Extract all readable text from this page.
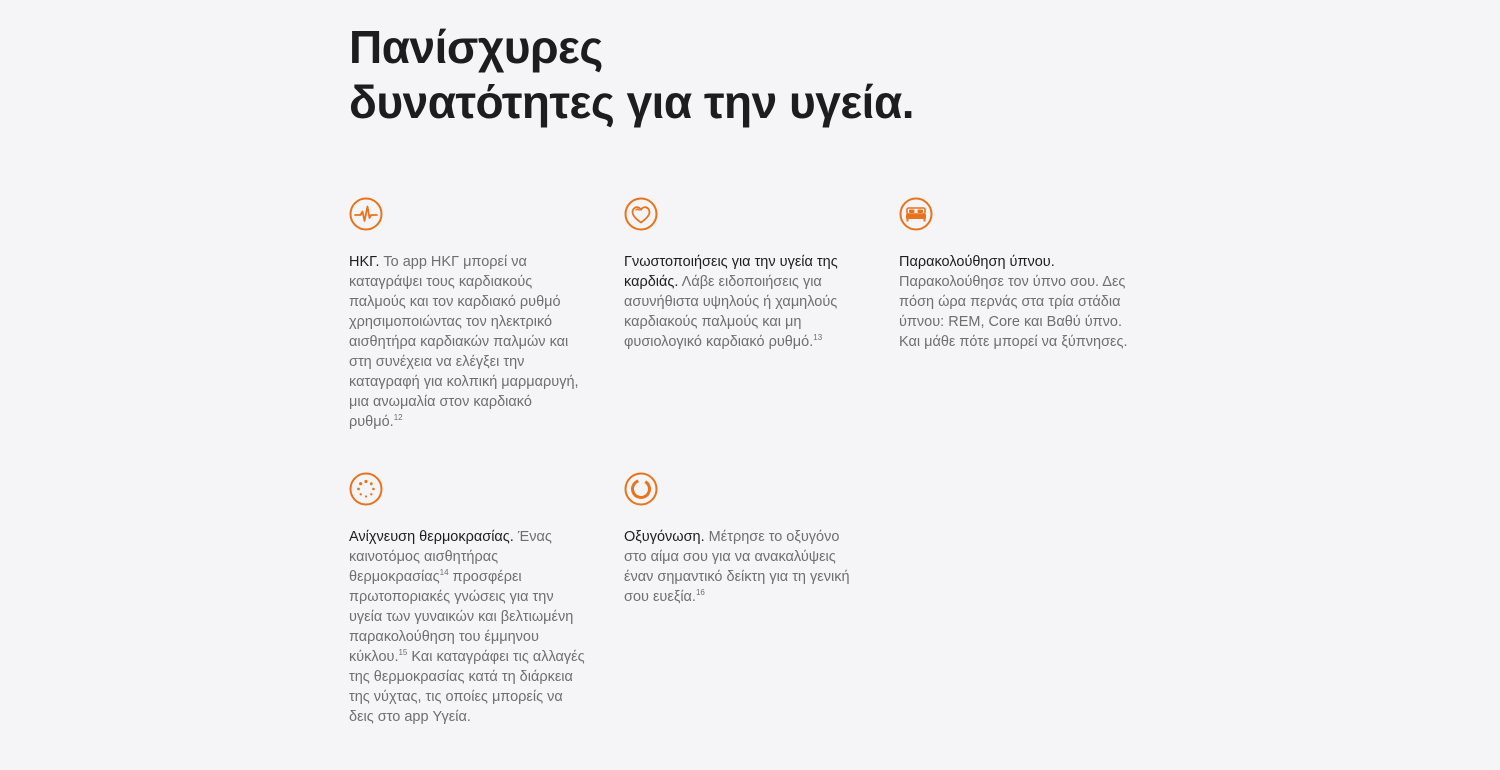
Πανίσχυρες
δυνατότητες για την υγεία.

ΗΚΓ. Το app ΗΚΓ μπορεί να καταγράψει τους καρδιακούς παλμούς και τον καρδιακό ρυθμό χρησιμοποιώντας τον ηλεκτρικό αισθητήρα καρδιακών παλμών και στη συνέχεια να ελέγξει την καταγραφή για κολπική μαρμαρυγή, μια ανωμαλία στον καρδιακό ρυθμό.$^{12}$

Γνωστοποιήσεις για την υγεία της καρδιάς. Λάβε ειδοποιήσεις για ασυνήθιστα υψηλούς ή χαμηλούς καρδιακούς παλμούς και μη φυσιολογικό καρδιακό ρυθμό.$^{13}$

Παρακολούθηση ύπνου. Παρακολούθησε τον ύπνο σου. Δες πόση ώρα περνάς στα τρία στάδια ύπνου: REM, Core και Βαθύ ύπνο. Και μάθε πότε μπορεί να ξύπνησες.

Ανίχνευση θερμοκρασίας. Ένας καινοτόμος αισθητήρας θερμοκρασίας$^{14}$ προσφέρει πρωτοποριακές γνώσεις για την υγεία των γυναικών και βελτιωμένη παρακολούθηση του έμμηνου κύκλου.$^{15}$ Και καταγράφει τις αλλαγές της θερμοκρασίας κατά τη διάρκεια της νύχτας, τις οποίες μπορείς να δεις στο app Υγεία.

Οξυγόνωση. Μέτρησε το οξυγόνο στο αίμα σου για να ανακαλύψεις έναν σημαντικό δείκτη για τη γενική σου ευεξία.$^{16}$
